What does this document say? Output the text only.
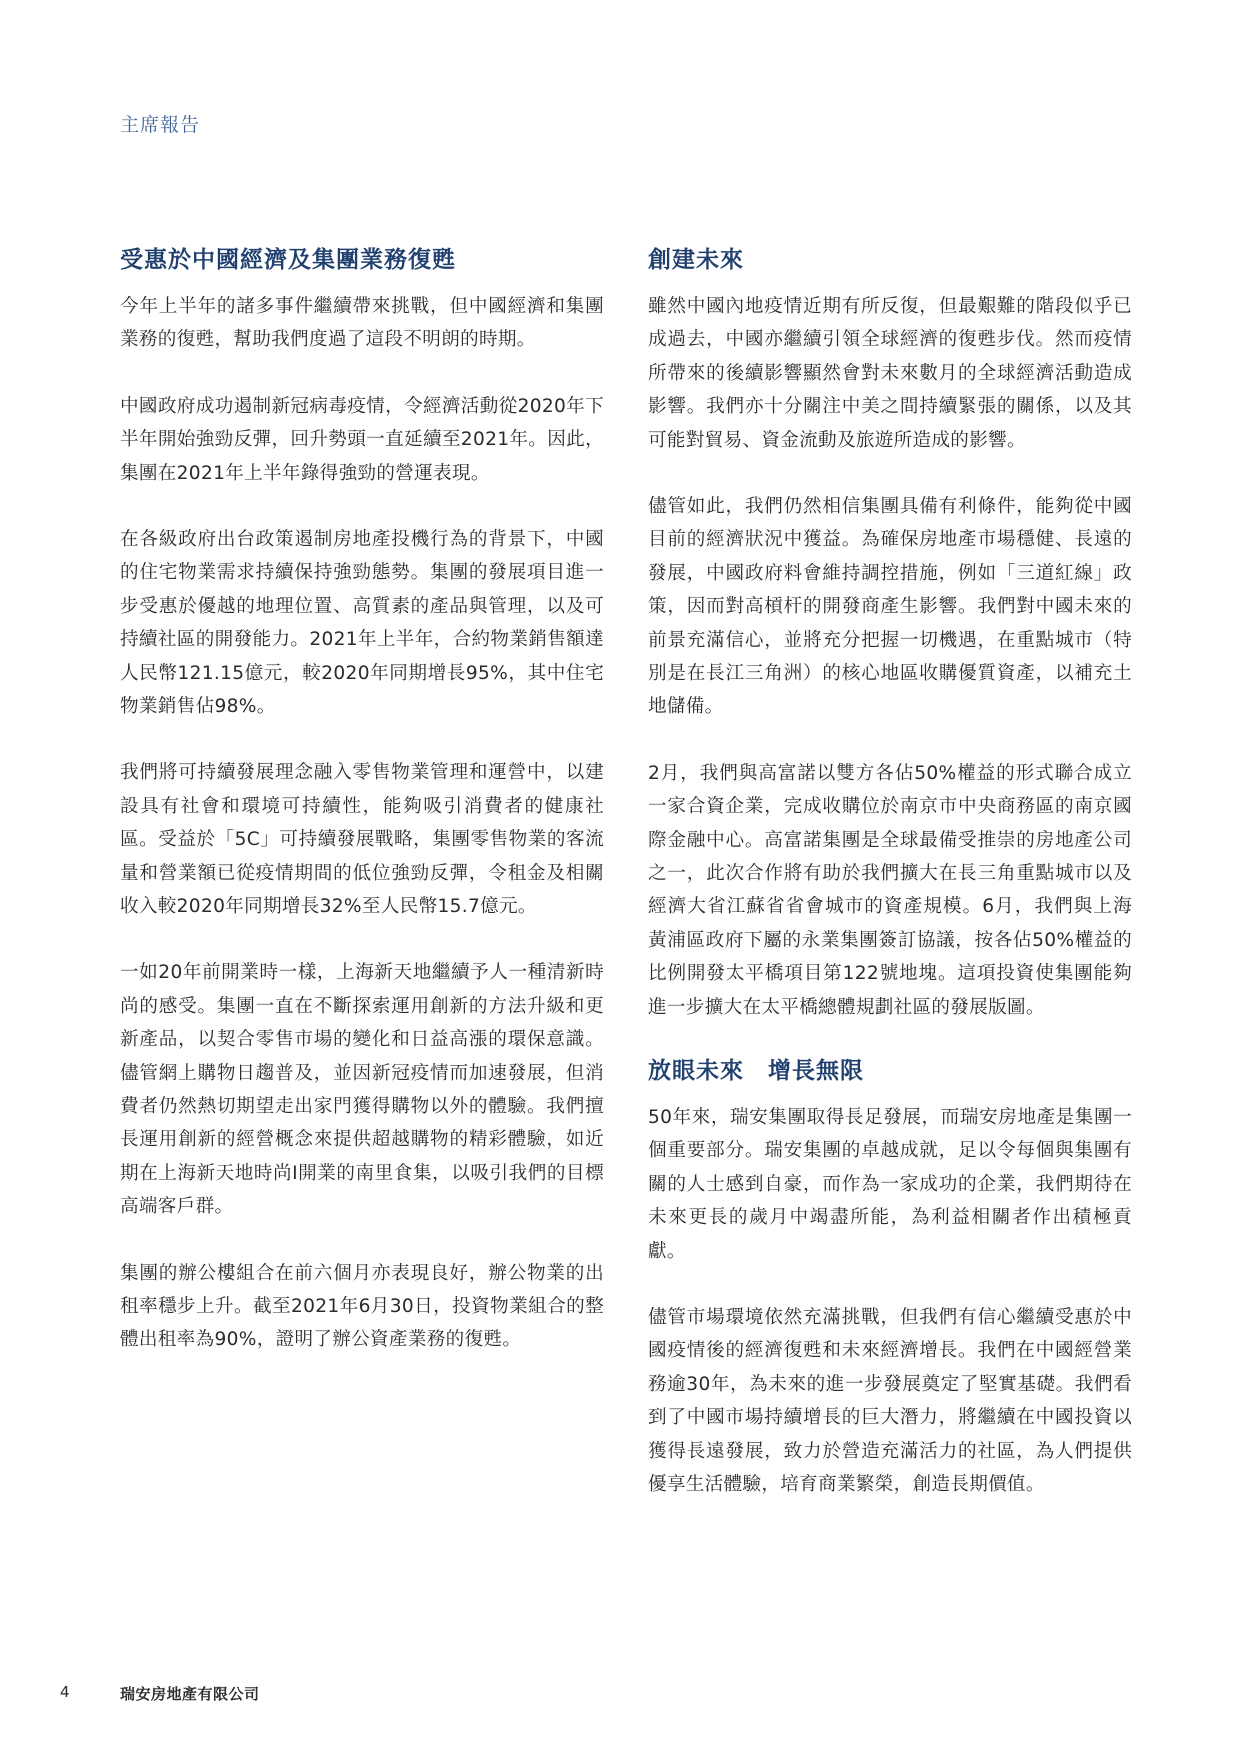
主席報告
受惠於中國經濟及集團業務復甦

今年上半年的諸多事件繼續帶來挑戰，但中國經濟和集團業務的復甦，幫助我們度過了這段不明朗的時期。

中國政府成功遏制新冠病毒疫情，令經濟活動從2020年下半年開始強勁反彈，回升勢頭一直延續至2021年。因此，集團在2021年上半年錄得強勁的營運表現。

在各級政府出台政策遏制房地產投機行為的背景下，中國的住宅物業需求持續保持強勁態勢。集團的發展項目進一步受惠於優越的地理位置、高質素的產品與管理，以及可持續社區的開發能力。2021年上半年，合約物業銷售額達人民幣121.15億元，較2020年同期增長95%，其中住宅物業銷售佔98%。

我們將可持續發展理念融入零售物業管理和運營中，以建設具有社會和環境可持續性，能夠吸引消費者的健康社區。受益於「5C」可持續發展戰略，集團零售物業的客流量和營業額已從疫情期間的低位強勁反彈，令租金及相關收入較2020年同期增長32%至人民幣15.7億元。

一如20年前開業時一樣，上海新天地繼續予人一種清新時尚的感受。集團一直在不斷探索運用創新的方法升級和更新產品，以契合零售市場的變化和日益高漲的環保意識。儘管網上購物日趨普及，並因新冠疫情而加速發展，但消費者仍然熱切期望走出家門獲得購物以外的體驗。我們擅長運用創新的經營概念來提供超越購物的精彩體驗，如近期在上海新天地時尚I開業的南里食集，以吸引我們的目標高端客戶群。

集團的辦公樓組合在前六個月亦表現良好，辦公物業的出租率穩步上升。截至2021年6月30日，投資物業組合的整體出租率為90%，證明了辦公資產業務的復甦。

創建未來

雖然中國內地疫情近期有所反復，但最艱難的階段似乎已成過去，中國亦繼續引領全球經濟的復甦步伐。然而疫情所帶來的後續影響顯然會對未來數月的全球經濟活動造成影響。我們亦十分關注中美之間持續緊張的關係，以及其可能對貿易、資金流動及旅遊所造成的影響。

儘管如此，我們仍然相信集團具備有利條件，能夠從中國目前的經濟狀況中獲益。為確保房地產市場穩健、長遠的發展，中國政府料會維持調控措施，例如「三道紅線」政策，因而對高槓杆的開發商產生影響。我們對中國未來的前景充滿信心，並將充分把握一切機遇，在重點城市（特別是在長江三角洲）的核心地區收購優質資產，以補充土地儲備。

2月，我們與高富諾以雙方各佔50%權益的形式聯合成立一家合資企業，完成收購位於南京市中央商務區的南京國際金融中心。高富諾集團是全球最備受推崇的房地產公司之一，此次合作將有助於我們擴大在長三角重點城市以及經濟大省江蘇省省會城市的資產規模。6月，我們與上海黃浦區政府下屬的永業集團簽訂協議，按各佔50%權益的比例開發太平橋項目第122號地塊。這項投資使集團能夠進一步擴大在太平橋總體規劃社區的發展版圖。

放眼未來　增長無限

50年來，瑞安集團取得長足發展，而瑞安房地產是集團一個重要部分。瑞安集團的卓越成就，足以令每個與集團有關的人士感到自豪，而作為一家成功的企業，我們期待在未來更長的歲月中竭盡所能，為利益相關者作出積極貢獻。

儘管市場環境依然充滿挑戰，但我們有信心繼續受惠於中國疫情後的經濟復甦和未來經濟增長。我們在中國經營業務逾30年，為未來的進一步發展奠定了堅實基礎。我們看到了中國市場持續增長的巨大潛力，將繼續在中國投資以獲得長遠發展，致力於營造充滿活力的社區，為人們提供優享生活體驗，培育商業繁榮，創造長期價值。

4	瑞安房地產有限公司
